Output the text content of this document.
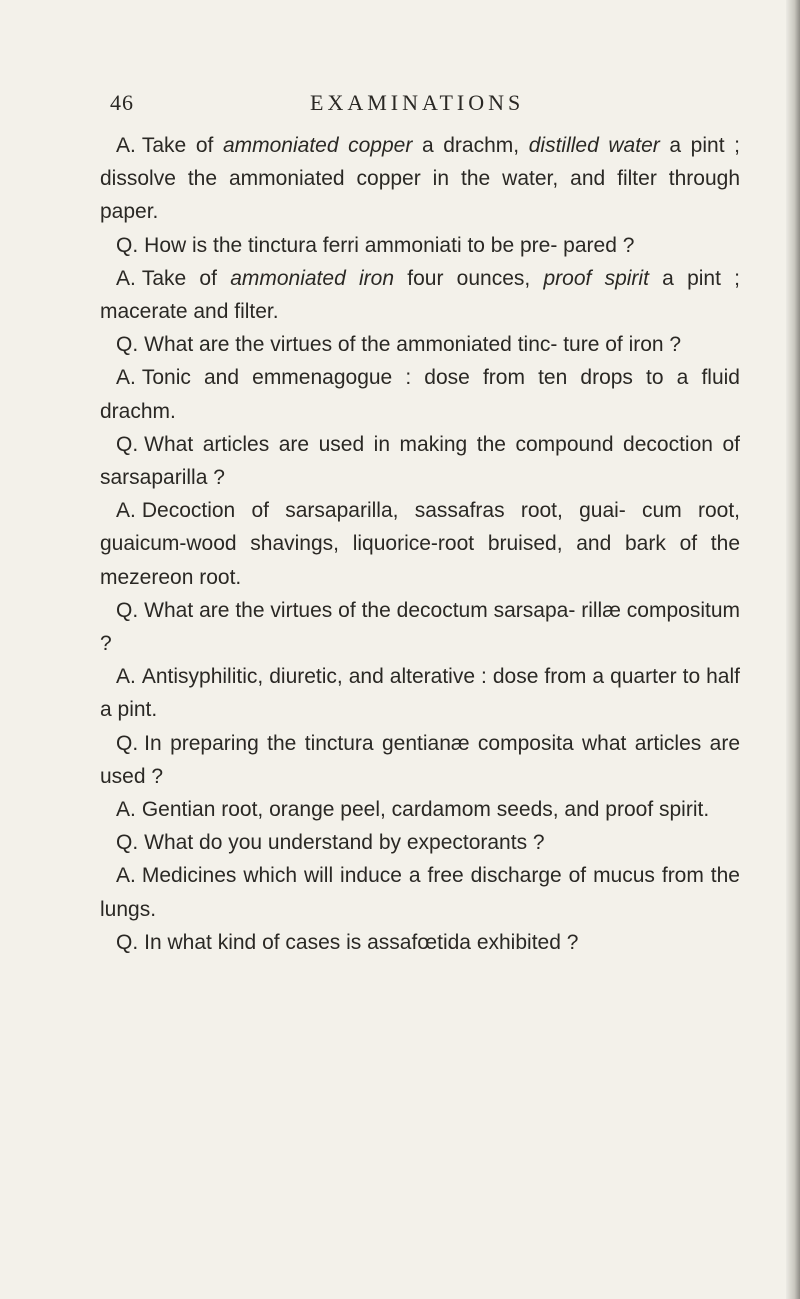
46	EXAMINATIONS

A. Take of ammoniated copper a drachm, distilled water a pint ; dissolve the ammoniated copper in the water, and filter through paper.

Q. How is the tinctura ferri ammoniati to be pre- pared ?

A. Take of ammoniated iron four ounces, proof spirit a pint ; macerate and filter.

Q. What are the virtues of the ammoniated tinc- ture of iron ?

A. Tonic and emmenagogue : dose from ten drops to a fluid drachm.

Q. What articles are used in making the compound decoction of sarsaparilla ?

A. Decoction of sarsaparilla, sassafras root, guai- cum root, guaicum-wood shavings, liquorice-root bruised, and bark of the mezereon root.

Q. What are the virtues of the decoctum sarsapa- rillæ compositum ?

A. Antisyphilitic, diuretic, and alterative : dose from a quarter to half a pint.

Q. In preparing the tinctura gentianæ composita what articles are used ?

A. Gentian root, orange peel, cardamom seeds, and proof spirit.

Q. What do you understand by expectorants ?

A. Medicines which will induce a free discharge of mucus from the lungs.

Q. In what kind of cases is assafœtida exhibited ?
